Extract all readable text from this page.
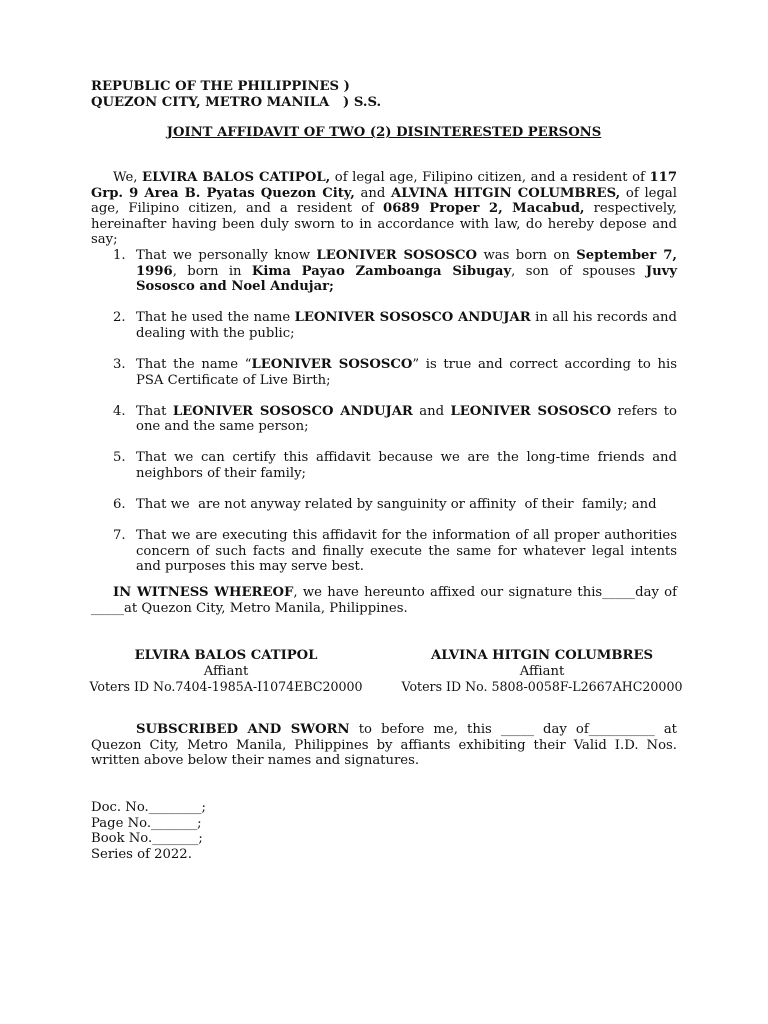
REPUBLIC OF THE PHILIPPINES )
QUEZON CITY, METRO MANILA   ) S.S.
JOINT AFFIDAVIT OF TWO (2) DISINTERESTED PERSONS
We, ELVIRA BALOS CATIPOL, of legal age, Filipino citizen, and a resident of 117 Grp. 9 Area B. Pyatas Quezon City, and ALVINA HITGIN COLUMBRES, of legal age, Filipino citizen, and a resident of 0689 Proper 2, Macabud, respectively, hereinafter having been duly sworn to in accordance with law, do hereby depose and say;
1. That we personally know LEONIVER SOSOSCO was born on September 7, 1996, born in Kima Payao Zamboanga Sibugay, son of spouses Juvy Sososco and Noel Andujar;
2. That he used the name LEONIVER SOSOSCO ANDUJAR in all his records and dealing with the public;
3. That the name “LEONIVER SOSOSCO” is true and correct according to his PSA Certificate of Live Birth;
4. That LEONIVER SOSOSCO ANDUJAR and LEONIVER SOSOSCO refers to one and the same person;
5. That we can certify this affidavit because we are the long-time friends and neighbors of their family;
6. That we  are not anyway related by sanguinity or affinity  of their  family; and
7. That we are executing this affidavit for the information of all proper authorities concern of such facts and finally execute the same for whatever legal intents and purposes this may serve best.
IN WITNESS WHEREOF, we have hereunto affixed our signature this_____day of _____at Quezon City, Metro Manila, Philippines.
ELVIRA BALOS CATIPOL
Affiant
Voters ID No.7404-1985A-I1074EBC20000
ALVINA HITGIN COLUMBRES
Affiant
Voters ID No. 5808-0058F-L2667AHC20000
SUBSCRIBED AND SWORN to before me, this _____ day of__________ at Quezon City, Metro Manila, Philippines by affiants exhibiting their Valid I.D. Nos. written above below their names and signatures.
Doc. No.________;
Page No._______;
Book No._______;
Series of 2022.
